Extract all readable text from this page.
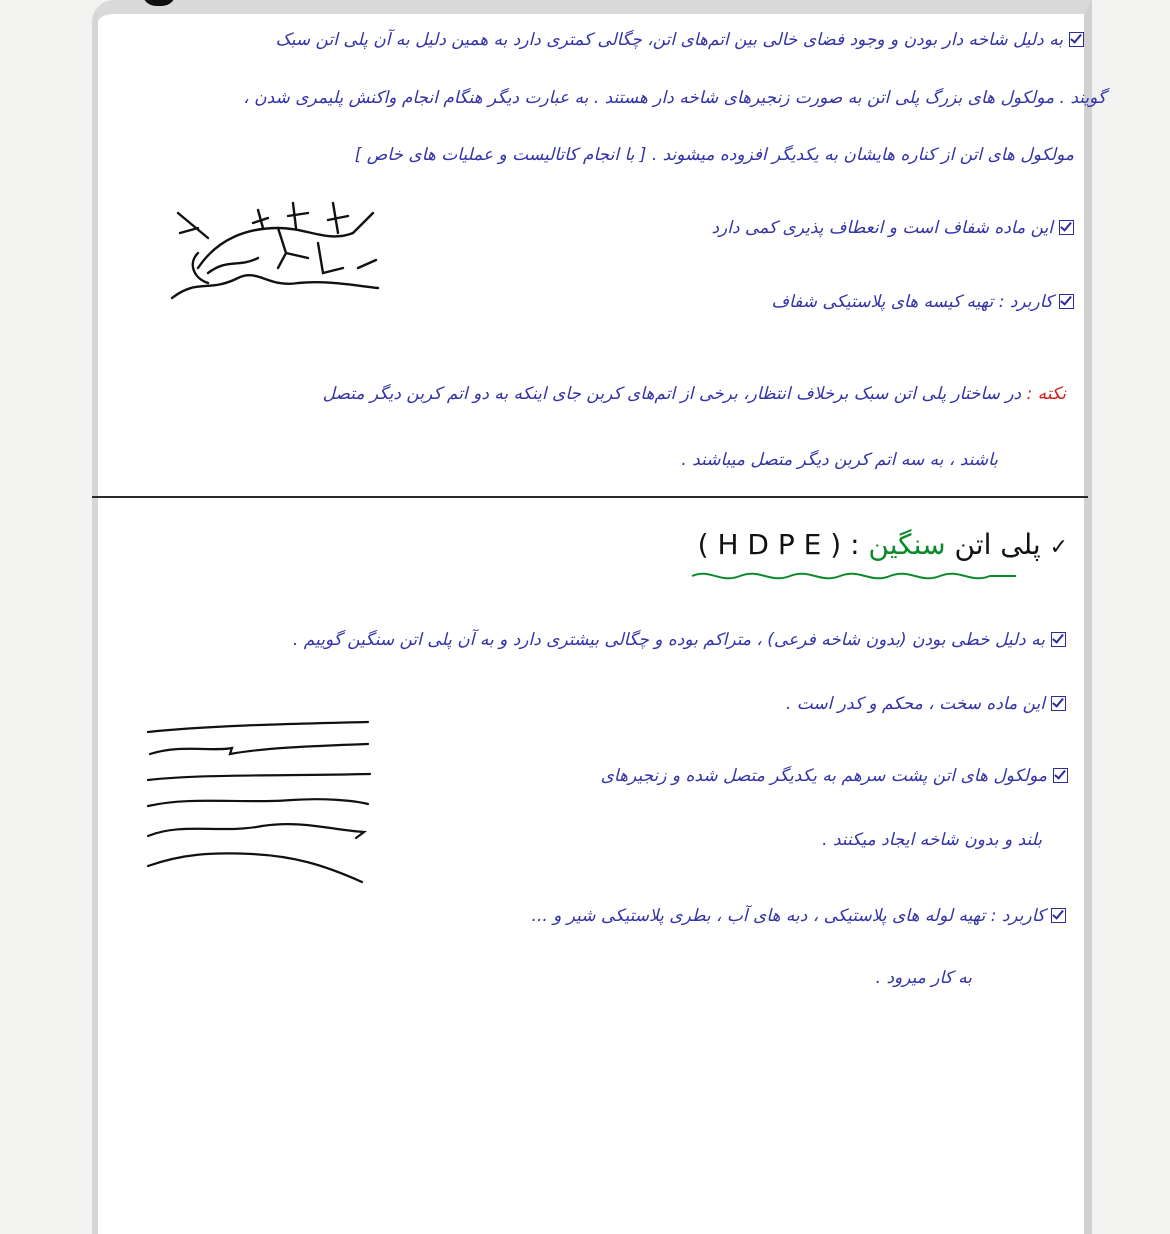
به دلیل شاخه دار بودن و وجود فضای خالی بین اتم‌های اتن، چگالی کمتری دارد به همین دلیل به آن پلی اتن سبک
گویند . مولکول های بزرگ پلی اتن به صورت زنجیرهای شاخه دار هستند . به عبارت دیگر هنگام انجام واکنش پلیمری شدن ،
مولکول های اتن از کناره هایشان به یکدیگر افزوده میشوند . [ با انجام کاتالیست و عملیات های خاص ]
این ماده شفاف است و انعطاف پذیری کمی دارد
کاربرد : تهیه کیسه های پلاستیکی شفاف
نکته : در ساختار پلی اتن سبک برخلاف انتظار، برخی از اتم‌های کربن جای اینکه به دو اتم کربن دیگر متصل
باشند ، به سه اتم کربن دیگر متصل میباشند .
✓ پلی اتن سنگین ( H D P E ) :
به دلیل خطی بودن (بدون شاخه فرعی) ، متراکم بوده و چگالی بیشتری دارد و به آن پلی اتن سنگین گوییم .
این ماده سخت ، محکم و کدر است .
مولکول های اتن پشت سرهم به یکدیگر متصل شده و زنجیرهای
بلند و بدون شاخه ایجاد میکنند .
کاربرد : تهیه لوله های پلاستیکی ، دبه های آب ، بطری پلاستیکی شیر و ...
به کار میرود .
